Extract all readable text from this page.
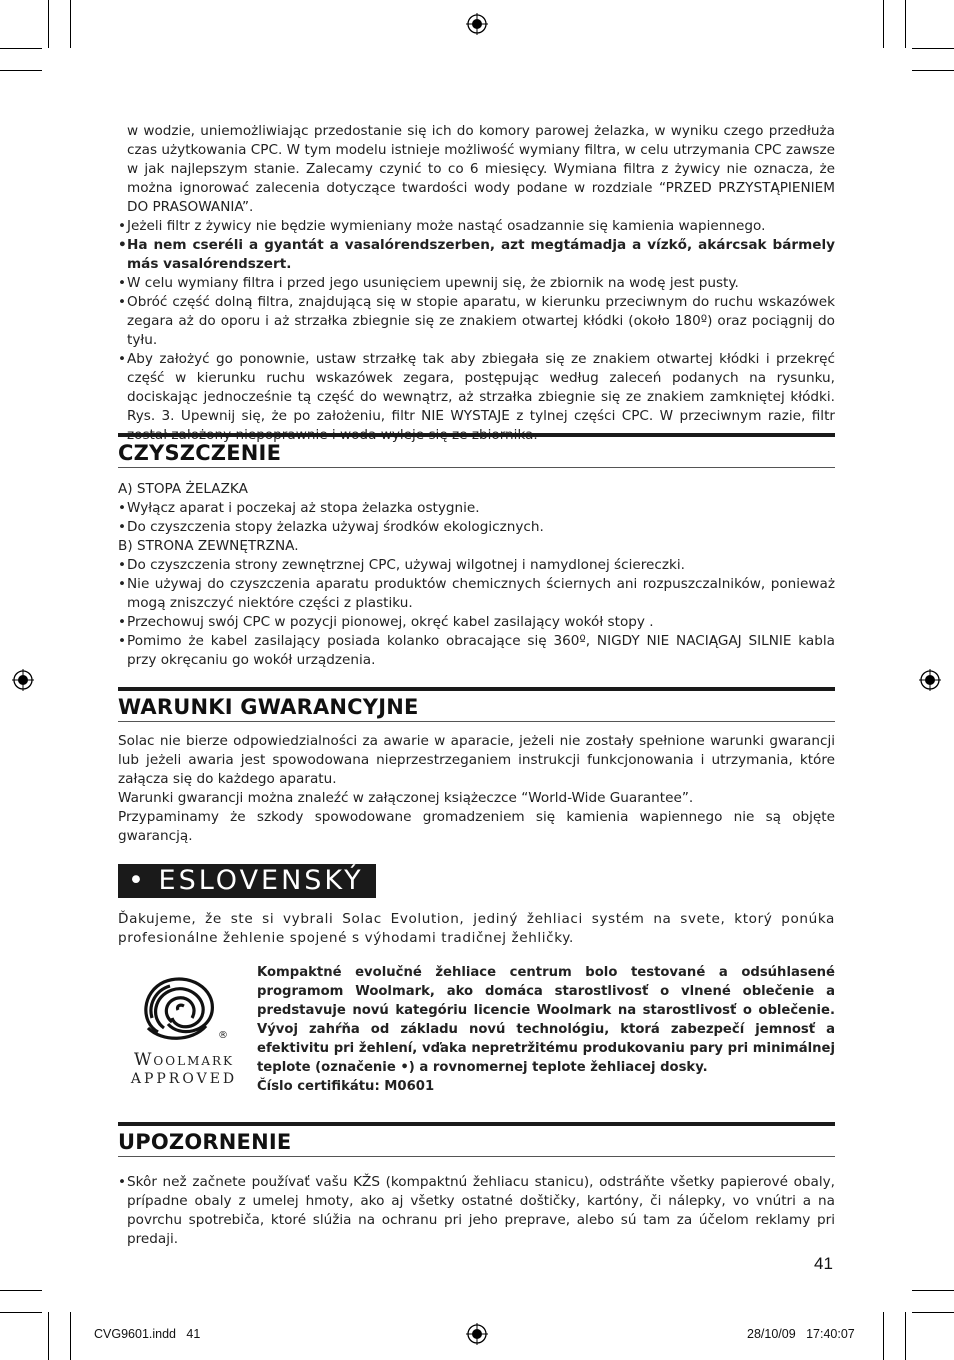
w wodzie, uniemożliwiając przedostanie się ich do komory parowej żelazka, w wyniku czego przedłuża czas użytkowania CPC. W tym modelu istnieje możliwość wymiany filtra, w celu utrzymania CPC zawsze w jak najlepszym stanie. Zalecamy czynić to co 6 miesięcy. Wymiana filtra z żywicy nie oznacza, że można ignorować zalecenia dotyczące twardości wody podane w rozdziale “PRZED PRZYSTĄPIENIEM DO PRASOWANIA”.
• Jeżeli filtr z żywicy nie będzie wymieniany może nastąć osadzannie się kamienia wapiennego.
• Ha nem cseréli a gyantát a vasalórendszerben, azt megtámadja a vízkő, akárcsak bármely más vasalórendszert.
• W celu wymiany filtra i przed jego usunięciem upewnij się, że zbiornik na wodę jest pusty.
• Obróć część dolną filtra, znajdującą się w stopie aparatu, w kierunku przeciwnym do ruchu wskazówek zegara aż do oporu i aż strzałka zbiegnie się ze znakiem otwartej kłódki (około 180º) oraz pociągnij do tyłu.
• Aby założyć go ponownie, ustaw strzałkę tak aby zbiegała się ze znakiem otwartej kłódki i przekręć część w kierunku ruchu wskazówek zegara, postępując według zaleceń podanych na rysunku, dociskając jednocześnie tą część do wewnątrz, aż strzałka zbiegnie się ze znakiem zamkniętej kłódki. Rys. 3. Upewnij się, że po założeniu, filtr NIE WYSTAJE z tylnej części CPC. W przeciwnym razie, filtr został założony niepoprawnie i woda wyleje się ze zbiornika.
CZYSZCZENIE
A) STOPA ŻELAZKA
• Wyłącz aparat i poczekaj aż stopa żelazka ostygnie.
• Do czyszczenia stopy żelazka używaj środków ekologicznych.
B) STRONA ZEWNĘTRZNA.
• Do czyszczenia strony zewnętrznej CPC, używaj wilgotnej i namydlonej ściereczki.
• Nie używaj do czyszczenia aparatu produktów chemicznych ściernych ani rozpuszczalników, ponieważ mogą zniszczyć niektóre części z plastiku.
• Przechowuj swój CPC w pozycji pionowej, okręć kabel zasilający wokół stopy .
• Pomimo że kabel zasilający posiada kolanko obracające się 360º, NIGDY NIE NACIĄGAJ SILNIE kabla przy okręcaniu go wokół urządzenia.
WARUNKI GWARANCYJNE
Solac nie bierze odpowiedzialności za awarie w aparacie, jeżeli nie zostały spełnione warunki gwarancji lub jeżeli awaria jest spowodowana nieprzestrzeganiem instrukcji funkcjonowania i utrzymania, które załącza się do każdego aparatu.
Warunki gwarancji można znaleźć w załączonej książeczce “World-Wide Guarantee”.
Przypaminamy że szkody spowodowane gromadzeniem się kamienia wapiennego nie są objęte gwarancją.
• ESLOVENSKÝ
Ďakujeme, že ste si vybrali Solac Evolution, jediný žehliaci systém na svete, ktorý ponúka profesionálne žehlenie spojené s výhodami tradičnej žehličky.
®
Woolmark
APPROVED
Kompaktné evolučné žehliace centrum bolo testované a odsúhlasené programom Woolmark, ako domáca starostlivosť o vlnené oblečenie a predstavuje novú kategóriu licencie Woolmark na starostlivosť o oblečenie. Vývoj zahŕňa od základu novú technológiu, ktorá zabezpečí jemnosť a efektivitu pri žehlení, vďaka nepretržitému produkovaniu pary pri minimálnej teplote (označenie •) a rovnomernej teplote žehliacej dosky.
Číslo certifikátu: M0601
UPOZORNENIE
• Skôr než začnete používať vašu KŽS (kompaktnú žehliacu stanicu), odstráňte všetky papierové obaly, prípadne obaly z umelej hmoty, ako aj všetky ostatné doštičky, kartóny, či nálepky, vo vnútri a na povrchu spotrebiča, ktoré slúžia na ochranu pri jeho preprave, alebo sú tam za účelom reklamy pri predaji.
41
CVG9601.indd   41	28/10/09   17:40:07
